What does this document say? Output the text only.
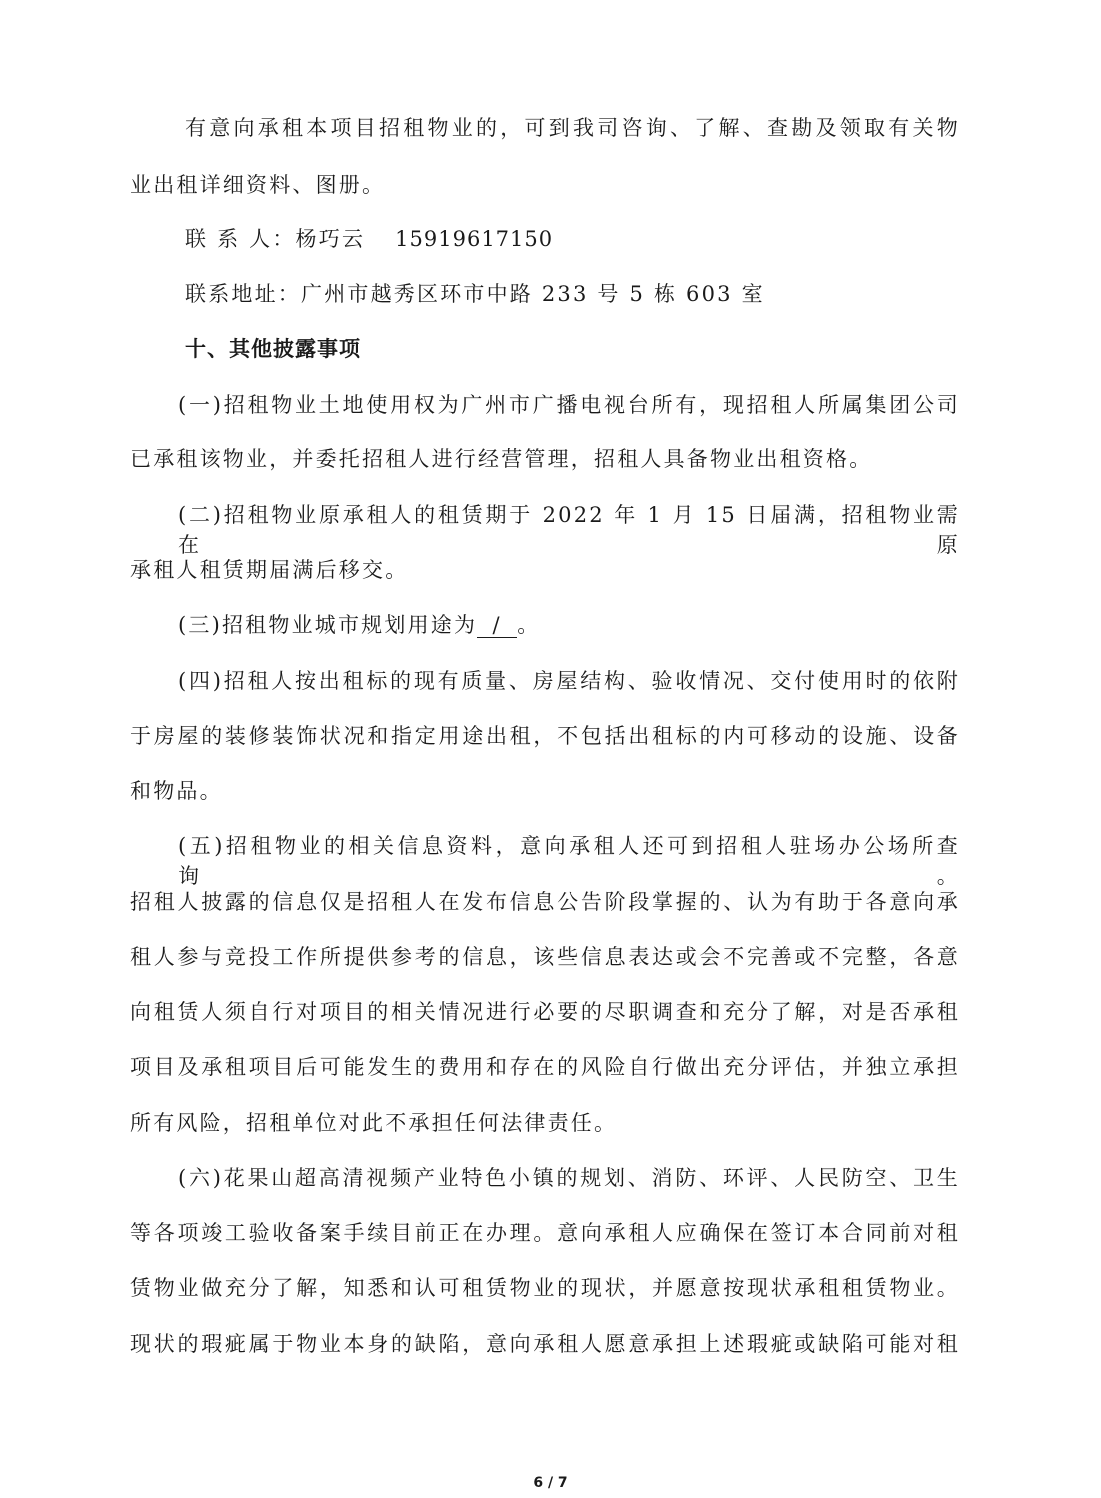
有意向承租本项目招租物业的，可到我司咨询、了解、查勘及领取有关物
业出租详细资料、图册。
联 系 人：杨巧云 15919617150
联系地址：广州市越秀区环市中路 233 号 5 栋 603 室
十、其他披露事项
(一)招租物业土地使用权为广州市广播电视台所有，现招租人所属集团公司
已承租该物业，并委托招租人进行经营管理，招租人具备物业出租资格。
(二)招租物业原承租人的租赁期于 2022 年 1 月 15 日届满，招租物业需在原
承租人租赁期届满后移交。
(三)招租物业城市规划用途为 / 。
(四)招租人按出租标的现有质量、房屋结构、验收情况、交付使用时的依附
于房屋的装修装饰状况和指定用途出租，不包括出租标的内可移动的设施、设备
和物品。
(五)招租物业的相关信息资料，意向承租人还可到招租人驻场办公场所查询。
招租人披露的信息仅是招租人在发布信息公告阶段掌握的、认为有助于各意向承
租人参与竞投工作所提供参考的信息，该些信息表达或会不完善或不完整，各意
向租赁人须自行对项目的相关情况进行必要的尽职调查和充分了解，对是否承租
项目及承租项目后可能发生的费用和存在的风险自行做出充分评估，并独立承担
所有风险，招租单位对此不承担任何法律责任。
(六)花果山超高清视频产业特色小镇的规划、消防、环评、人民防空、卫生
等各项竣工验收备案手续目前正在办理。意向承租人应确保在签订本合同前对租
赁物业做充分了解，知悉和认可租赁物业的现状，并愿意按现状承租租赁物业。
现状的瑕疵属于物业本身的缺陷，意向承租人愿意承担上述瑕疵或缺陷可能对租
6 / 7
